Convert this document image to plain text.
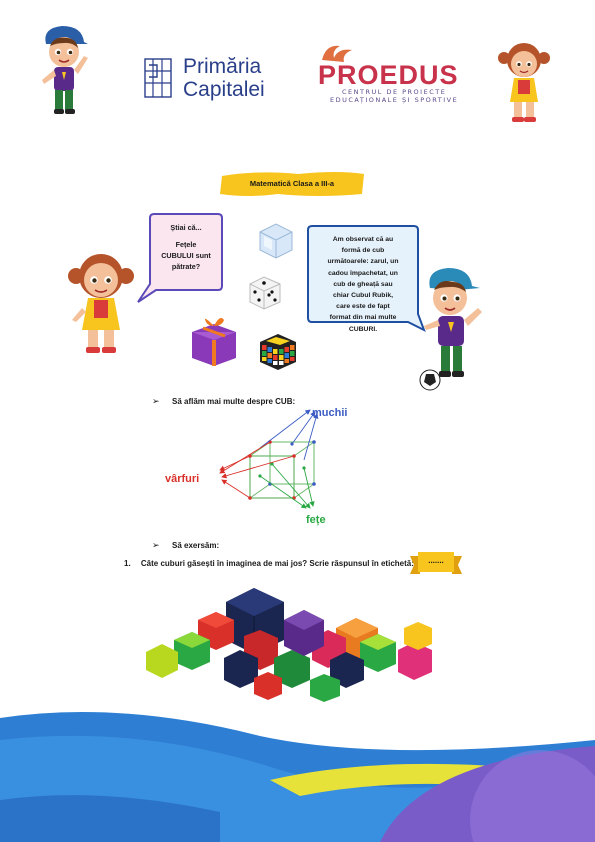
Primăria
Capitalei PROEDUS
CENTRUL DE PROIECTE
EDUCAȚIONALE ȘI SPORTIVE
Matematică Clasa a III-a
Știai că...
Fețele
CUBULUI sunt
pătrate?
Am observat că au
formă de cub
următoarele: zarul, un
cadou împachetat, un
cub de gheață sau
chiar Cubul Rubik,
care este de fapt
format din mai multe
CUBURI.
➢ Să aflăm mai multe despre CUB:
muchii
vârfuri
fețe
➢ Să exersăm:
1. Câte cuburi găsești în imaginea de mai jos? Scrie răspunsul în etichetă:	.......
